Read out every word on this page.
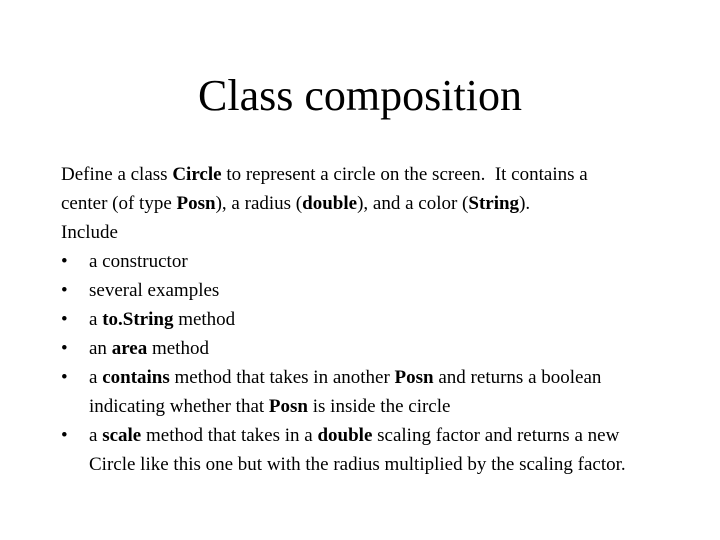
Class composition

Define a class Circle to represent a circle on the screen.  It contains a
center (of type Posn), a radius (double), and a color (String).

Include

•	a constructor
•	several examples
•	a to.String method
•	an area method
•	a contains method that takes in another Posn and returns a boolean
indicating whether that Posn is inside the circle
•	a scale method that takes in a double scaling factor and returns a new
Circle like this one but with the radius multiplied by the scaling factor.
